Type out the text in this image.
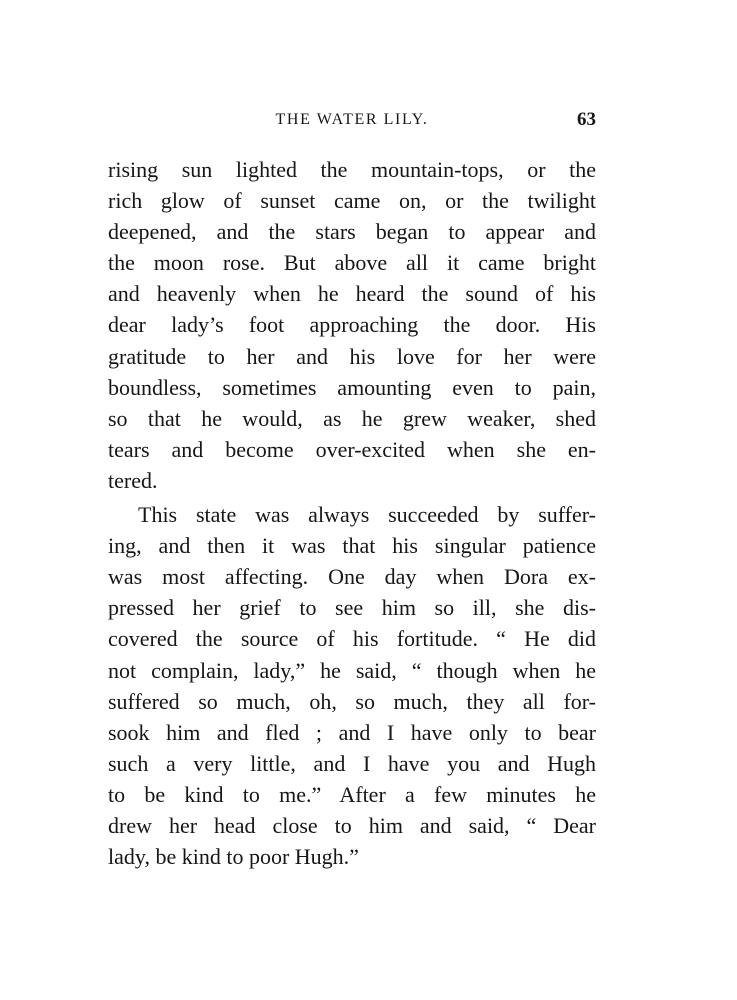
THE WATER LILY.	63
rising sun lighted the mountain-tops, or the
rich glow of sunset came on, or the twilight
deepened, and the stars began to appear and
the moon rose. But above all it came bright
and heavenly when he heard the sound of his
dear lady’s foot approaching the door. His
gratitude to her and his love for her were
boundless, sometimes amounting even to pain,
so that he would, as he grew weaker, shed
tears and become over-excited when she en-
tered.
This state was always succeeded by suffer-
ing, and then it was that his singular patience
was most affecting. One day when Dora ex-
pressed her grief to see him so ill, she dis-
covered the source of his fortitude. “ He did
not complain, lady,” he said, “ though when he
suffered so much, oh, so much, they all for-
sook him and fled ; and I have only to bear
such a very little, and I have you and Hugh
to be kind to me.” After a few minutes he
drew her head close to him and said, “ Dear
lady, be kind to poor Hugh.”
